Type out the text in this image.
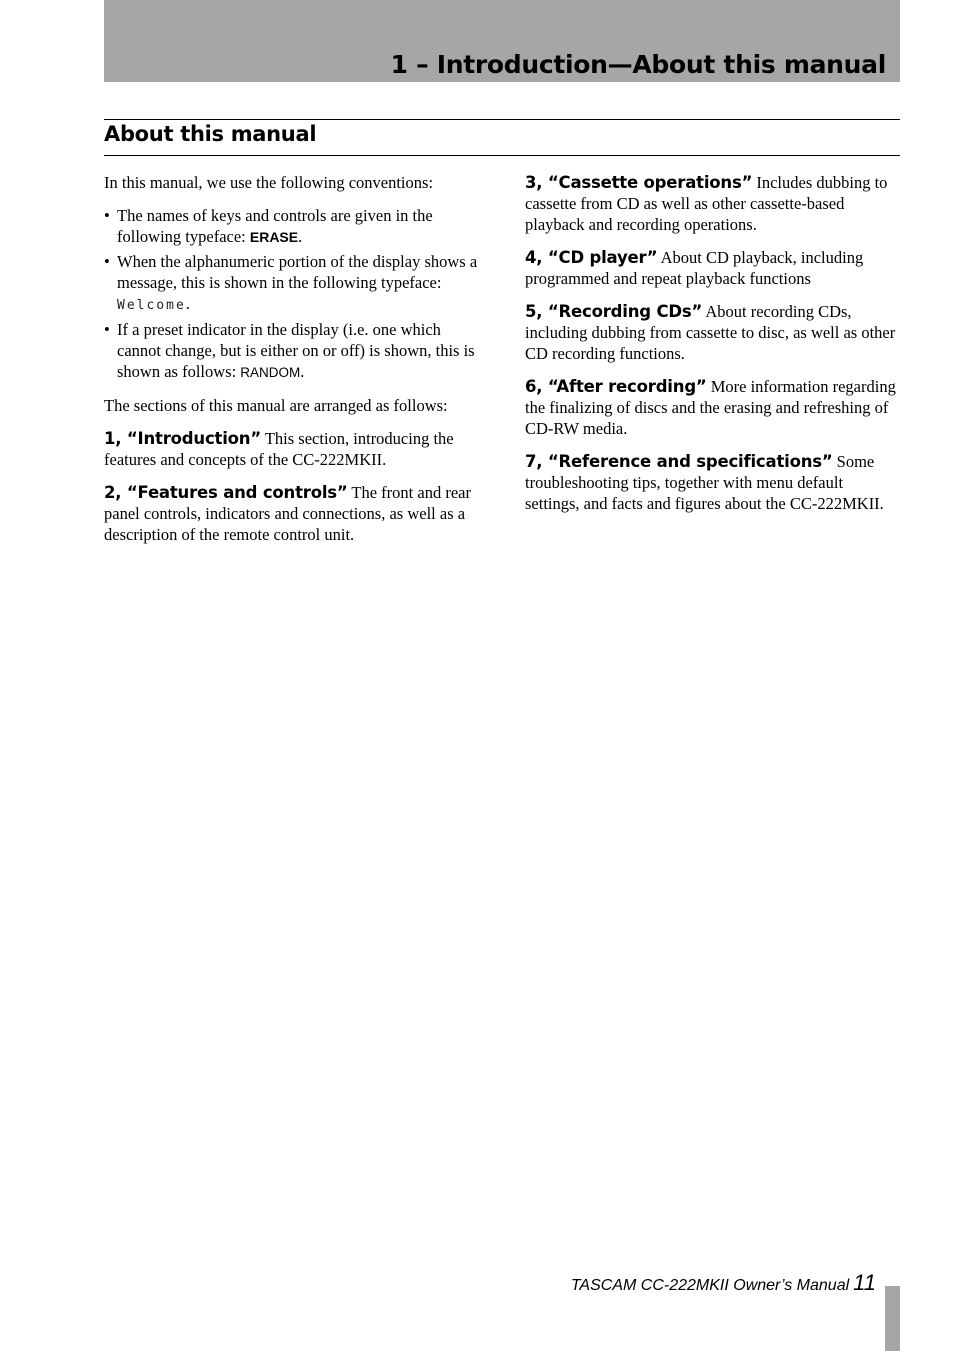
1 – Introduction—About this manual
About this manual

In this manual, we use the following conventions:

• The names of keys and controls are given in the following typeface: ERASE.
• When the alphanumeric portion of the display shows a message, this is shown in the following typeface: Welcome.
• If a preset indicator in the display (i.e. one which cannot change, but is either on or off) is shown, this is shown as follows: RANDOM.

The sections of this manual are arranged as follows:

1, “Introduction” This section, introducing the features and concepts of the CC-222MKII.

2, “Features and controls” The front and rear panel controls, indicators and connections, as well as a description of the remote control unit.

3, “Cassette operations” Includes dubbing to cassette from CD as well as other cassette-based playback and recording operations.

4, “CD player” About CD playback, including programmed and repeat playback functions

5, “Recording CDs” About recording CDs, including dubbing from cassette to disc, as well as other CD recording functions.

6, “After recording” More information regarding the finalizing of discs and the erasing and refreshing of CD-RW media.

7, “Reference and specifications” Some troubleshooting tips, together with menu default settings, and facts and figures about the CC-222MKII.

TASCAM CC-222MKII Owner’s Manual 11
